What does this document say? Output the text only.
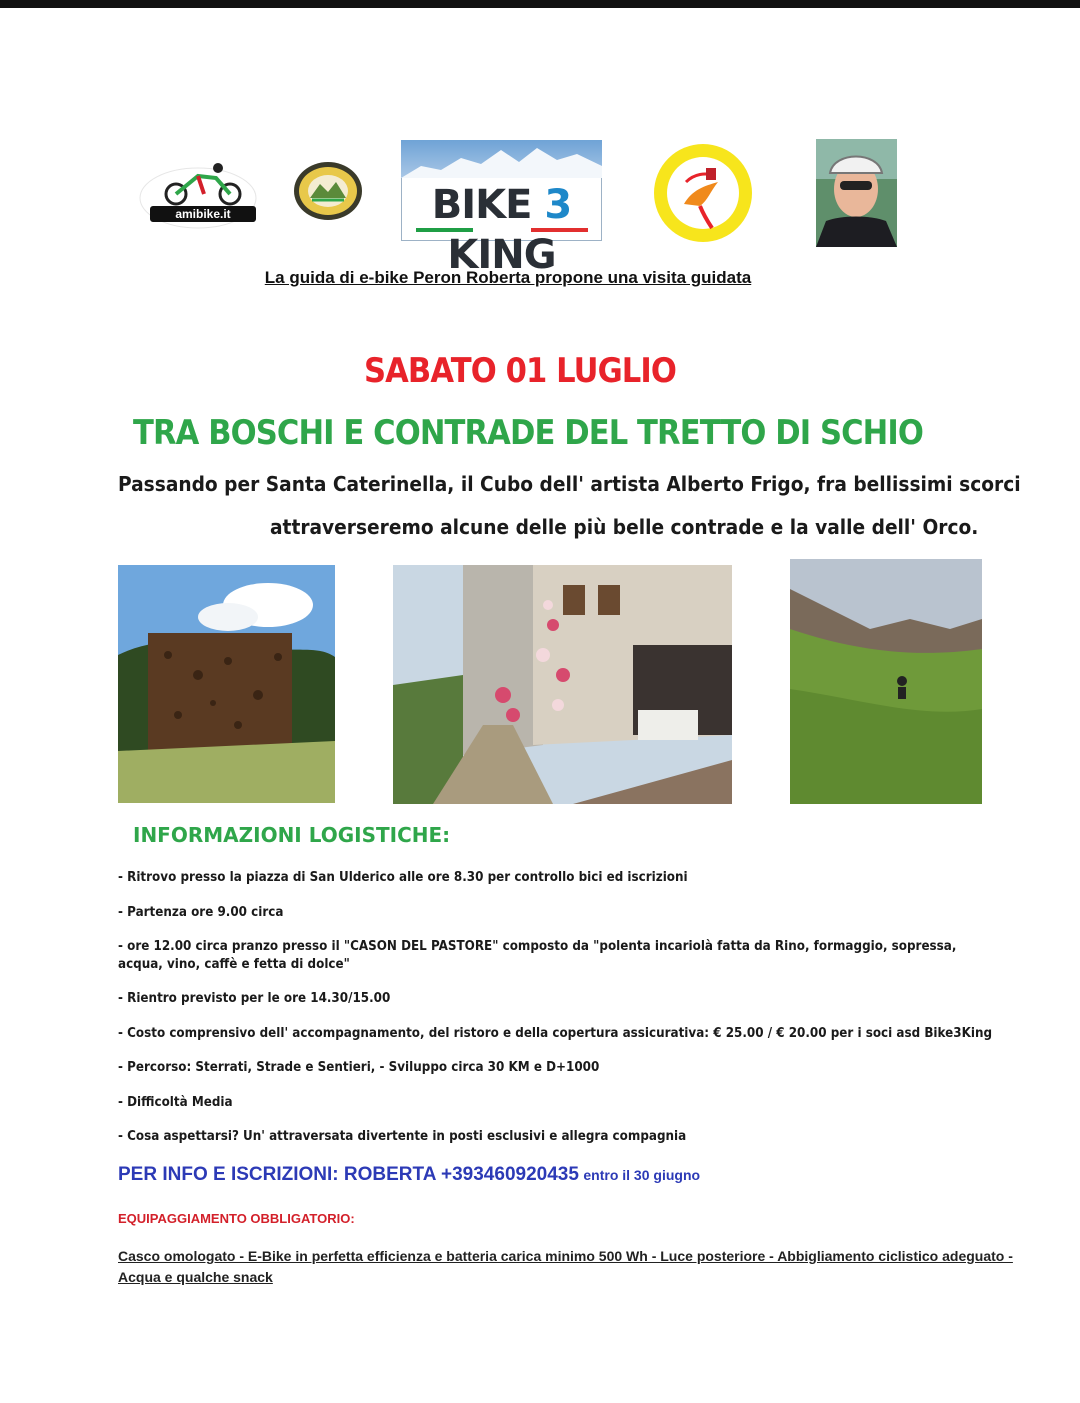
amibike.it	BIKE 3 KING
La guida di e-bike Peron Roberta propone una visita guidata
SABATO 01 LUGLIO
TRA BOSCHI E CONTRADE DEL TRETTO DI SCHIO
Passando per Santa Caterinella, il Cubo dell' artista Alberto Frigo, fra bellissimi scorci
attraverseremo alcune delle più belle contrade e la valle dell' Orco.
INFORMAZIONI LOGISTICHE:
- Ritrovo presso la piazza di San Ulderico alle ore 8.30 per controllo bici ed iscrizioni
- Partenza ore 9.00 circa
- ore 12.00 circa pranzo presso il "CASON DEL PASTORE" composto da "polenta incariolà fatta da Rino, formaggio, sopressa, acqua, vino, caffè e fetta di dolce"
- Rientro previsto per le ore 14.30/15.00
- Costo comprensivo dell' accompagnamento, del ristoro e della copertura assicurativa: € 25.00 / € 20.00 per i soci asd Bike3King
- Percorso: Sterrati, Strade e Sentieri, - Sviluppo circa 30 KM e D+1000
- Difficoltà Media
- Cosa aspettarsi? Un' attraversata divertente in posti esclusivi e allegra compagnia
PER INFO E ISCRIZIONI: ROBERTA +393460920435 entro il 30 giugno
EQUIPAGGIAMENTO OBBLIGATORIO:
Casco omologato - E-Bike in perfetta efficienza e batteria carica minimo 500 Wh - Luce posteriore - Abbigliamento ciclistico adeguato - Acqua e qualche snack
